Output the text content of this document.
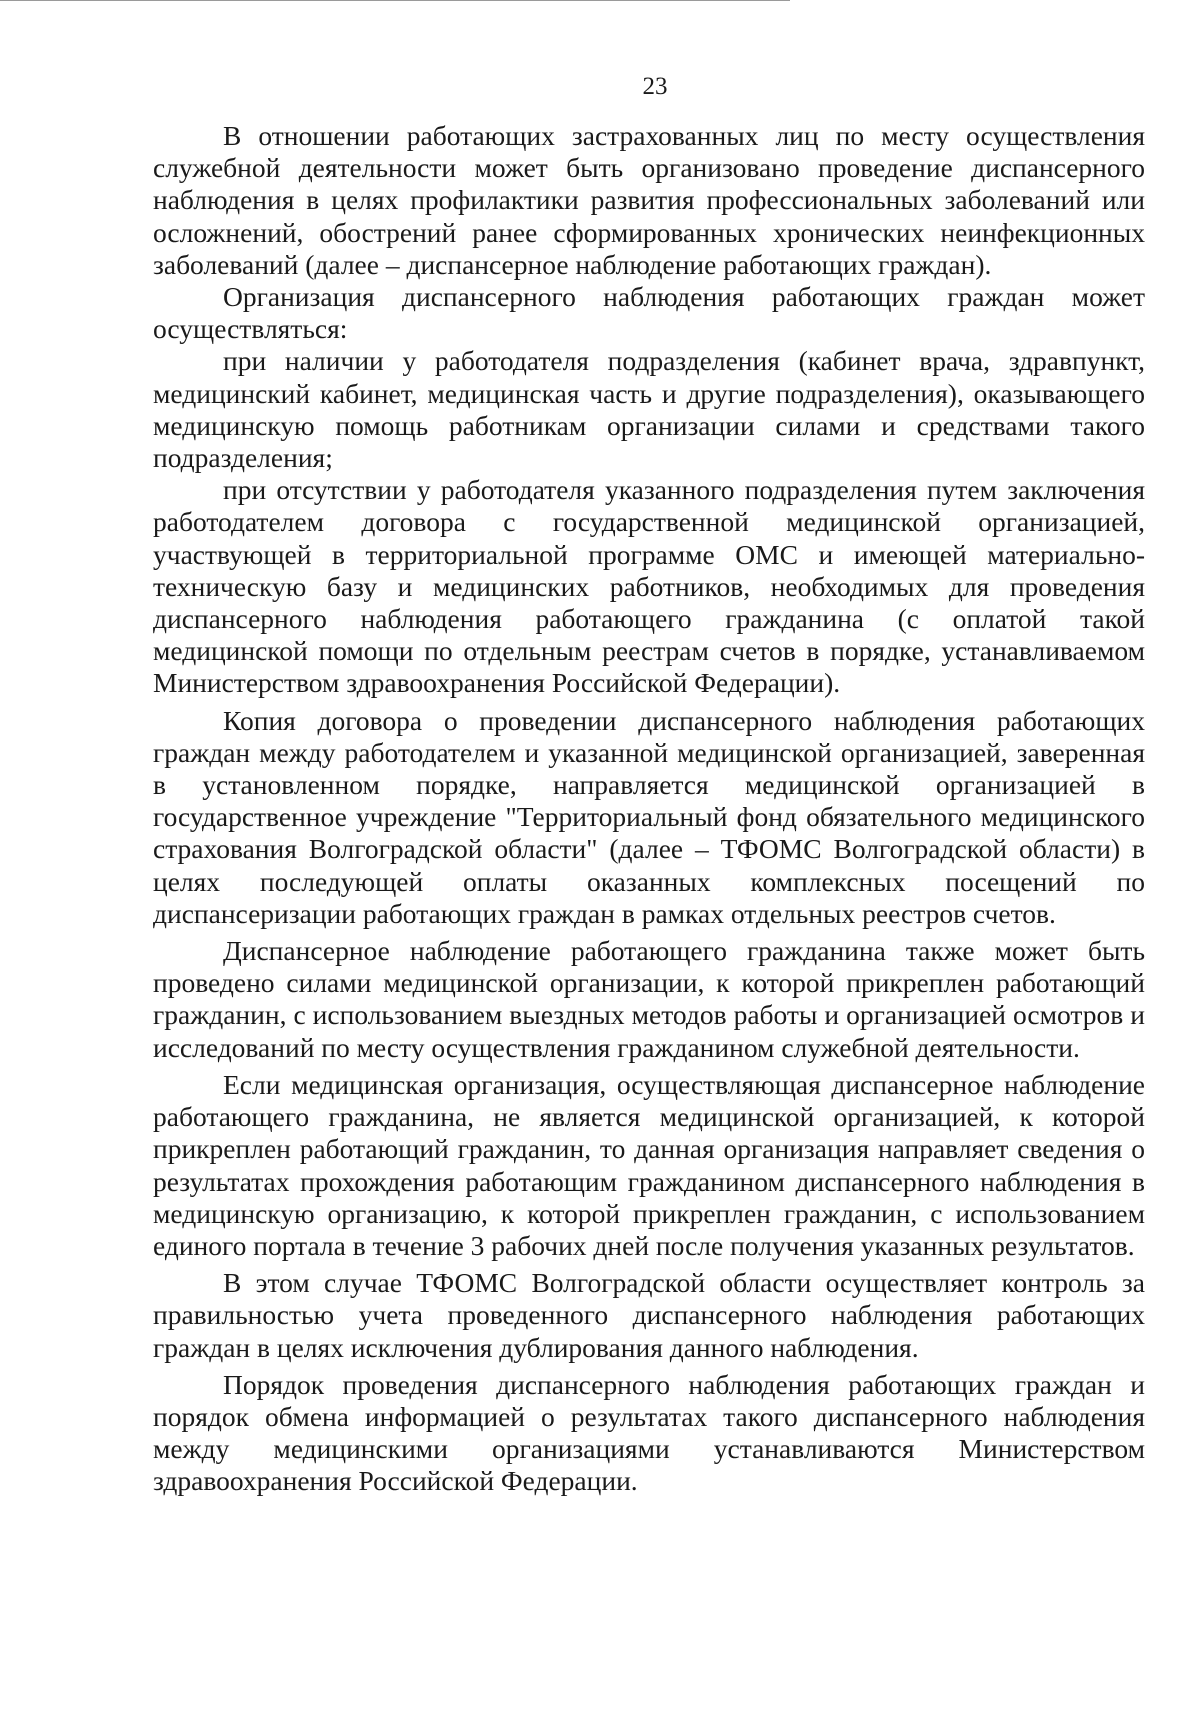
23

В отношении работающих застрахованных лиц по месту осуществления служебной деятельности может быть организовано проведение диспансерного наблюдения в целях профилактики развития профессиональных заболеваний или осложнений, обострений ранее сформированных хронических неинфекционных заболеваний (далее – диспансерное наблюдение работающих граждан).

Организация диспансерного наблюдения работающих граждан может осуществляться:

при наличии у работодателя подразделения (кабинет врача, здравпункт, медицинский кабинет, медицинская часть и другие подразделения), оказывающего медицинскую помощь работникам организации силами и средствами такого подразделения;

при отсутствии у работодателя указанного подразделения путем заключения работодателем договора с государственной медицинской организацией, участвующей в территориальной программе ОМС и имеющей материально-техническую базу и медицинских работников, необходимых для проведения диспансерного наблюдения работающего гражданина (с оплатой такой медицинской помощи по отдельным реестрам счетов в порядке, устанавливаемом Министерством здравоохранения Российской Федерации).

Копия договора о проведении диспансерного наблюдения работающих граждан между работодателем и указанной медицинской организацией, заверенная в установленном порядке, направляется медицинской организацией в государственное учреждение "Территориальный фонд обязательного медицинского страхования Волгоградской области" (далее – ТФОМС Волгоградской области) в целях последующей оплаты оказанных комплексных посещений по диспансеризации работающих граждан в рамках отдельных реестров счетов.

Диспансерное наблюдение работающего гражданина также может быть проведено силами медицинской организации, к которой прикреплен работающий гражданин, с использованием выездных методов работы и организацией осмотров и исследований по месту осуществления гражданином служебной деятельности.

Если медицинская организация, осуществляющая диспансерное наблюдение работающего гражданина, не является медицинской организацией, к которой прикреплен работающий гражданин, то данная организация направляет сведения о результатах прохождения работающим гражданином диспансерного наблюдения в медицинскую организацию, к которой прикреплен гражданин, с использованием единого портала в течение 3 рабочих дней после получения указанных результатов.

В этом случае ТФОМС Волгоградской области осуществляет контроль за правильностью учета проведенного диспансерного наблюдения работающих граждан в целях исключения дублирования данного наблюдения.

Порядок проведения диспансерного наблюдения работающих граждан и порядок обмена информацией о результатах такого диспансерного наблюдения между медицинскими организациями устанавливаются Министерством здравоохранения Российской Федерации.
